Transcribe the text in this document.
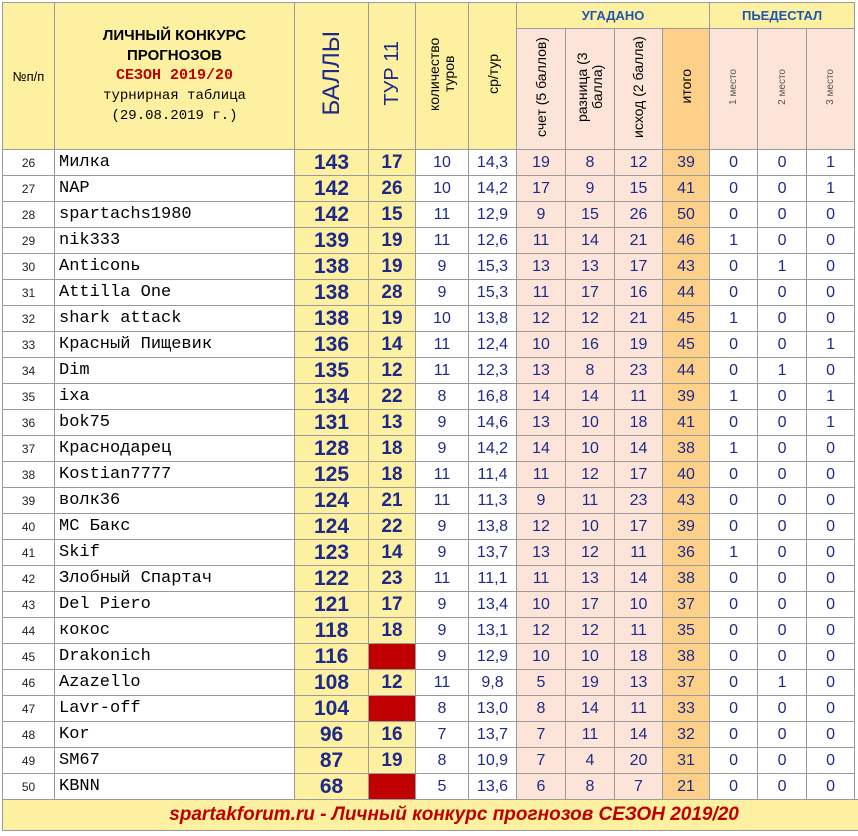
№п/п	ЛИЧНЫЙ КОНКУРС
ПРОГНОЗОВ
СЕЗОН 2019/20
турнирная таблица
(29.08.2019 г.)	БАЛЛЫ	ТУР 11	количество туров	ср/тур	УГАДАНО				ПЬЕДЕСТАЛ		
						счет (5 баллов)	разница (3 балла)	исход (2 балла)	итого	1 место	2 место	3 место
26	Милка	143	17	10	14,3	19	8	12	39	0	0	1
27	NAP	142	26	10	14,2	17	9	15	41	0	0	1
28	spartachs1980	142	15	11	12,9	9	15	26	50	0	0	0
29	nik333	139	19	11	12,6	11	14	21	46	1	0	0
30	Anticonь	138	19	9	15,3	13	13	17	43	0	1	0
31	Attilla One	138	28	9	15,3	11	17	16	44	0	0	0
32	shark attack	138	19	10	13,8	12	12	21	45	1	0	0
33	Красный Пищевик	136	14	11	12,4	10	16	19	45	0	0	1
34	Dim	135	12	11	12,3	13	8	23	44	0	1	0
35	ixa	134	22	8	16,8	14	14	11	39	1	0	1
36	bok75	131	13	9	14,6	13	10	18	41	0	0	1
37	Краснодарец	128	18	9	14,2	14	10	14	38	1	0	0
38	Kostian7777	125	18	11	11,4	11	12	17	40	0	0	0
39	волк36	124	21	11	11,3	9	11	23	43	0	0	0
40	MC Бакс	124	22	9	13,8	12	10	17	39	0	0	0
41	Skif	123	14	9	13,7	13	12	11	36	1	0	0
42	Злобный Спартач	122	23	11	11,1	11	13	14	38	0	0	0
43	Del Piero	121	17	9	13,4	10	17	10	37	0	0	0
44	кокос	118	18	9	13,1	12	12	11	35	0	0	0
45	Drakonich	116		9	12,9	10	10	18	38	0	0	0
46	Azazello	108	12	11	9,8	5	19	13	37	0	1	0
47	Lavr-off	104		8	13,0	8	14	11	33	0	0	0
48	Kor	96	16	7	13,7	7	11	14	32	0	0	0
49	SM67	87	19	8	10,9	7	4	20	31	0	0	0
50	KBNN	68		5	13,6	6	8	7	21	0	0	0
spartakforum.ru - Личный конкурс прогнозов СЕЗОН 2019/20												
